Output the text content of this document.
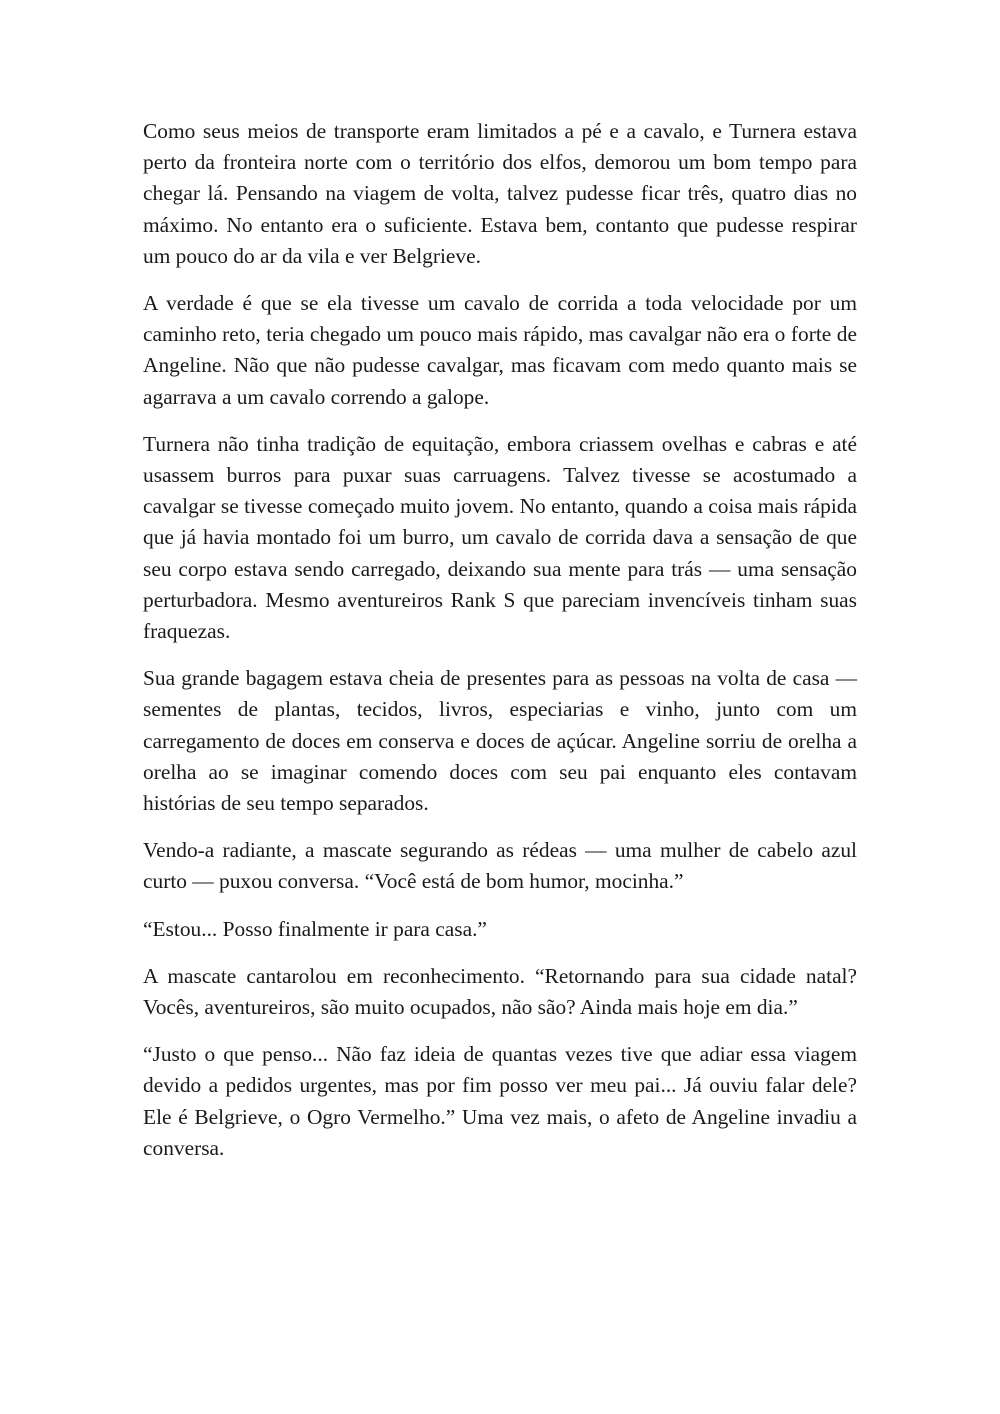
Como seus meios de transporte eram limitados a pé e a cavalo, e Turnera estava perto da fronteira norte com o território dos elfos, demorou um bom tempo para chegar lá. Pensando na viagem de volta, talvez pudesse ficar três, quatro dias no máximo. No entanto era o suficiente. Estava bem, contanto que pudesse respirar um pouco do ar da vila e ver Belgrieve.

A verdade é que se ela tivesse um cavalo de corrida a toda velocidade por um caminho reto, teria chegado um pouco mais rápido, mas cavalgar não era o forte de Angeline. Não que não pudesse cavalgar, mas ficavam com medo quanto mais se agarrava a um cavalo correndo a galope.

Turnera não tinha tradição de equitação, embora criassem ovelhas e cabras e até usassem burros para puxar suas carruagens. Talvez tivesse se acostumado a cavalgar se tivesse começado muito jovem. No entanto, quando a coisa mais rápida que já havia montado foi um burro, um cavalo de corrida dava a sensação de que seu corpo estava sendo carregado, deixando sua mente para trás — uma sensação perturbadora. Mesmo aventureiros Rank S que pareciam invencíveis tinham suas fraquezas.

Sua grande bagagem estava cheia de presentes para as pessoas na volta de casa — sementes de plantas, tecidos, livros, especiarias e vinho, junto com um carregamento de doces em conserva e doces de açúcar. Angeline sorriu de orelha a orelha ao se imaginar comendo doces com seu pai enquanto eles contavam histórias de seu tempo separados.

Vendo-a radiante, a mascate segurando as rédeas — uma mulher de cabelo azul curto — puxou conversa. “Você está de bom humor, mocinha.”

“Estou... Posso finalmente ir para casa.”

A mascate cantarolou em reconhecimento. “Retornando para sua cidade natal? Vocês, aventureiros, são muito ocupados, não são? Ainda mais hoje em dia.”

“Justo o que penso... Não faz ideia de quantas vezes tive que adiar essa viagem devido a pedidos urgentes, mas por fim posso ver meu pai... Já ouviu falar dele? Ele é Belgrieve, o Ogro Vermelho.” Uma vez mais, o afeto de Angeline invadiu a conversa.
